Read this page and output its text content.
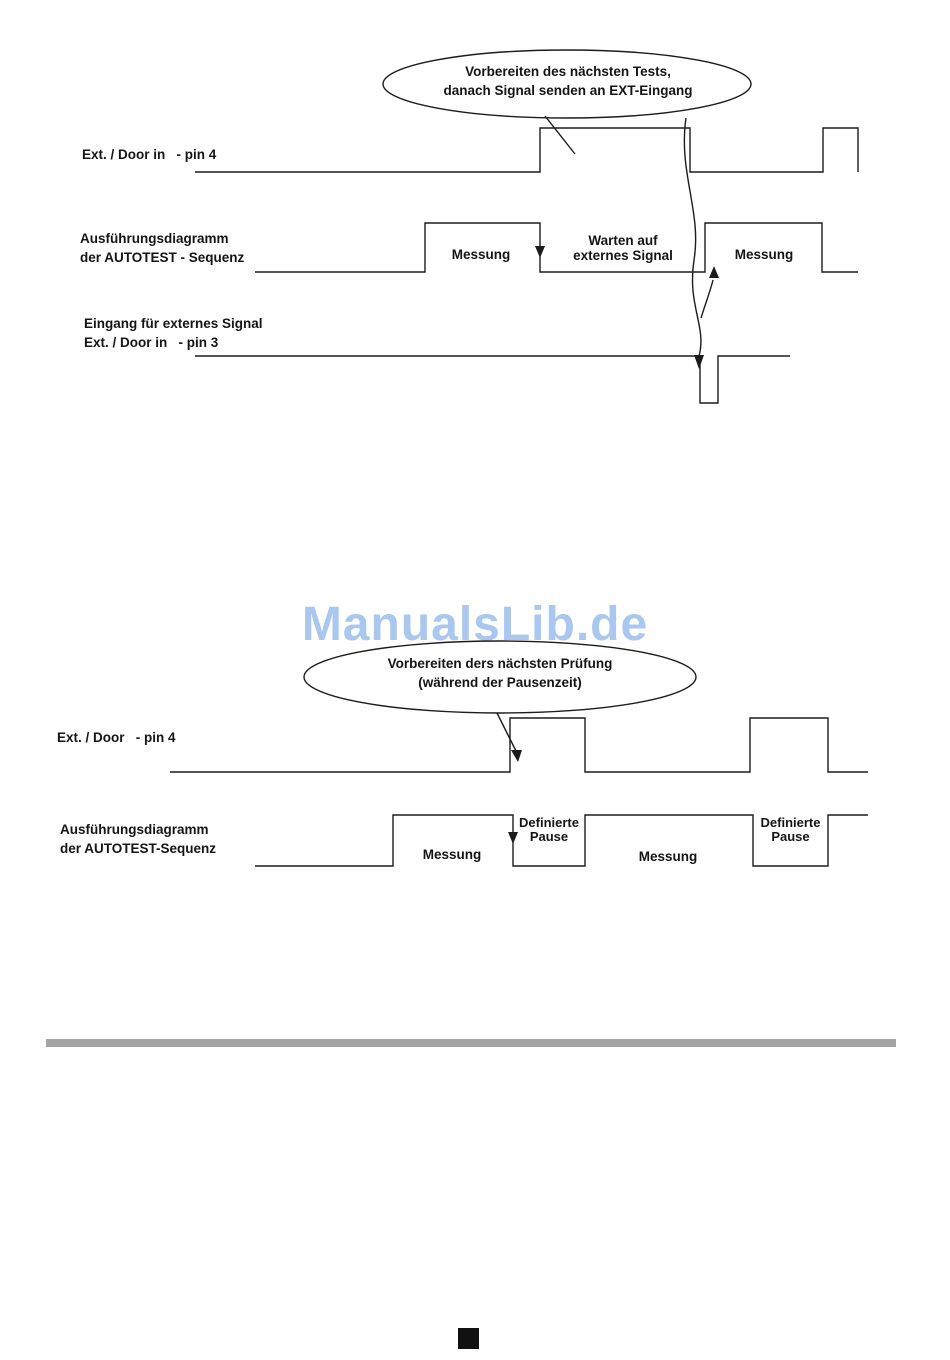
ManualsLib.de
Vorbereiten des nächsten Tests,
danach Signal senden an EXT-Eingang
Ext. / Door in   - pin 4
Ausführungsdiagramm
der AUTOTEST - Sequenz	Messung
Warten auf
externes Signal	Messung
Eingang für externes Signal
Ext. / Door in   - pin 3
Vorbereiten ders nächsten Prüfung
(während der Pausenzeit)
Ext. / Door   - pin 4
Ausführungsdiagramm
der AUTOTEST-Sequenz	Messung
Definierte
Pause
Messung
Definierte
Pause
